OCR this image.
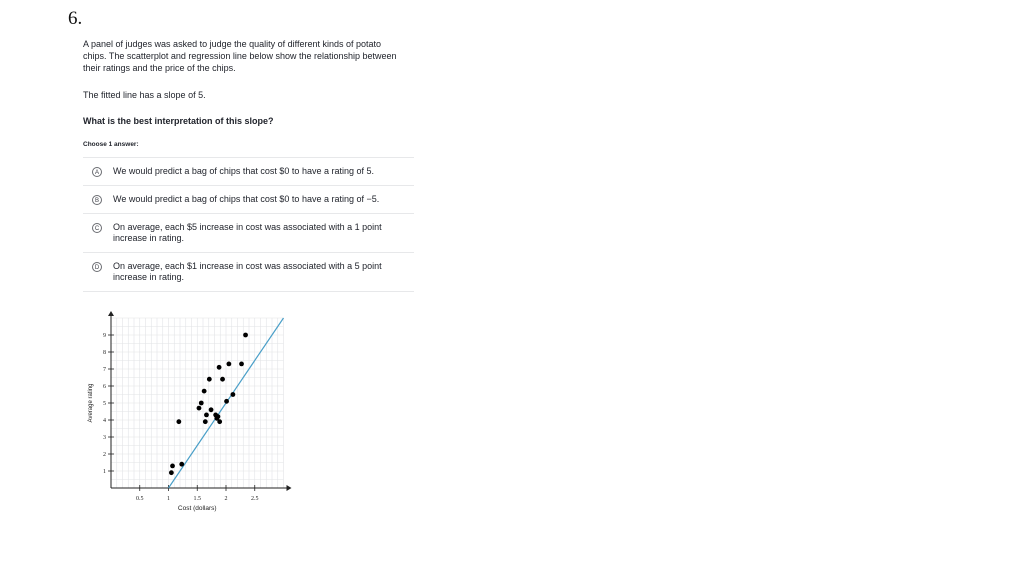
6.

A panel of judges was asked to judge the quality of different kinds of potato chips. The scatterplot and regression line below show the relationship between their ratings and the price of the chips.

The fitted line has a slope of 5.

What is the best interpretation of this slope?

Choose 1 answer:

A	We would predict a bag of chips that cost $0 to have a rating of 5.
B	We would predict a bag of chips that cost $0 to have a rating of −5.
C	On average, each $5 increase in cost was associated with a 1 point increase in rating.
D	On average, each $1 increase in cost was associated with a 5 point increase in rating.
0.5	1	1.5	2	2.5
1
2
3
4
5
6
7
8
9
Cost (dollars)
Average rating
